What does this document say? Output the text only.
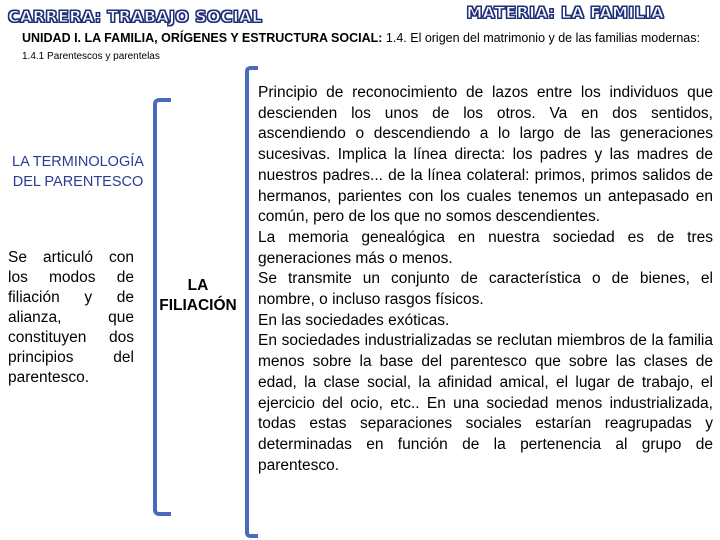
CARRERA: TRABAJO SOCIAL	MATERIA: LA FAMILIA
UNIDAD I. LA FAMILIA, ORÍGENES Y ESTRUCTURA SOCIAL: 1.4. El origen del matrimonio y de las familias modernas: 1.4.1 Parentescos y parentelas
LA TERMINOLOGÍA DEL PARENTESCO
Se articuló con los modos de filiación y de alianza, que constituyen dos principios del parentesco.
LA FILIACIÓN

Principio de reconocimiento de lazos entre los individuos que descienden los unos de los otros. Va en dos sentidos, ascendiendo o descendiendo a lo largo de las generaciones sucesivas. Implica la línea directa: los padres y las madres de nuestros padres... de la línea colateral: primos, primos salidos de hermanos, parientes con los cuales tenemos un antepasado en común, pero de los que no somos descendientes.

La memoria genealógica en nuestra sociedad es de tres generaciones más o menos.

Se transmite un conjunto de característica o de bienes, el nombre, o incluso rasgos físicos.

En las sociedades exóticas.

En sociedades industrializadas se reclutan miembros de la familia menos sobre la base del parentesco que sobre las clases de edad, la clase social, la afinidad amical, el lugar de trabajo, el ejercicio del ocio, etc.. En una sociedad menos industrializada, todas estas separaciones sociales estarían reagrupadas y determinadas en función de la pertenencia al grupo de parentesco.
